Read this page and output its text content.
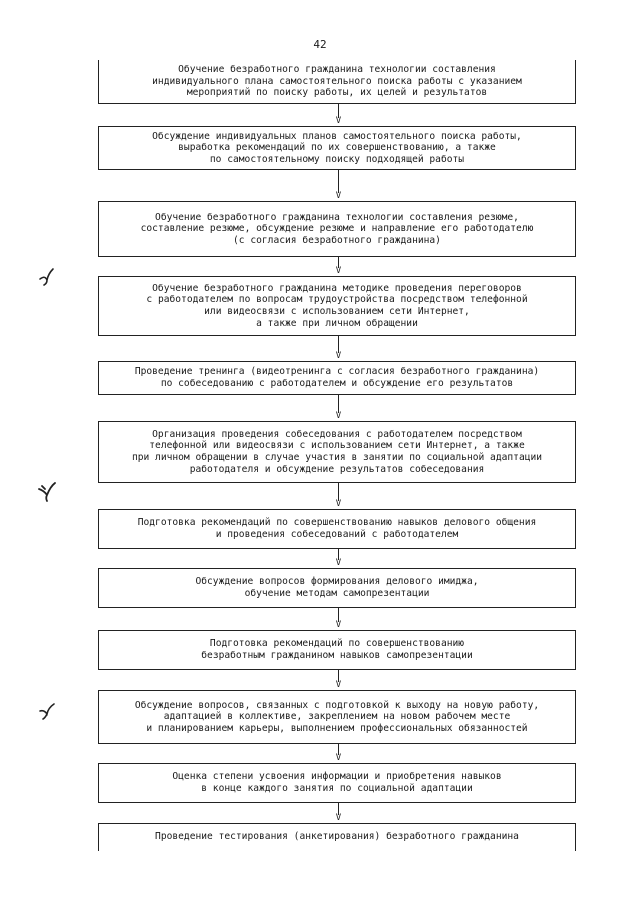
42
Обучение безработного гражданина технологии составления
индивидуального плана самостоятельного поиска работы с указанием
мероприятий по поиску работы, их целей и результатов
V
Обсуждение индивидуальных планов самостоятельного поиска работы,
выработка рекомендаций по их совершенствованию, а также
по самостоятельному поиску подходящей работы
V
Обучение безработного гражданина технологии составления резюме,
составление резюме, обсуждение резюме и направление его работодателю
(с согласия безработного гражданина)
V
Обучение безработного гражданина методике проведения переговоров
с работодателем по вопросам трудоустройства посредством телефонной
или видеосвязи с использованием сети Интернет,
а также при личном обращении
V
Проведение тренинга (видеотренинга с согласия безработного гражданина)
по собеседованию с работодателем и обсуждение его результатов
V
Организация проведения собеседования с работодателем посредством
телефонной или видеосвязи с использованием сети Интернет, а также
при личном обращении в случае участия в занятии по социальной адаптации
работодателя и обсуждение результатов собеседования
V
Подготовка рекомендаций по совершенствованию навыков делового общения
и проведения собеседований с работодателем
V
Обсуждение вопросов формирования делового имиджа,
обучение методам самопрезентации
V
Подготовка рекомендаций по совершенствованию
безработным гражданином навыков самопрезентации
V
Обсуждение вопросов, связанных с подготовкой к выходу на новую работу,
адаптацией в коллективе, закреплением на новом рабочем месте
и планированием карьеры, выполнением профессиональных обязанностей
V
Оценка степени усвоения информации и приобретения навыков
в конце каждого занятия по социальной адаптации
V
Проведение тестирования (анкетирования) безработного гражданина
